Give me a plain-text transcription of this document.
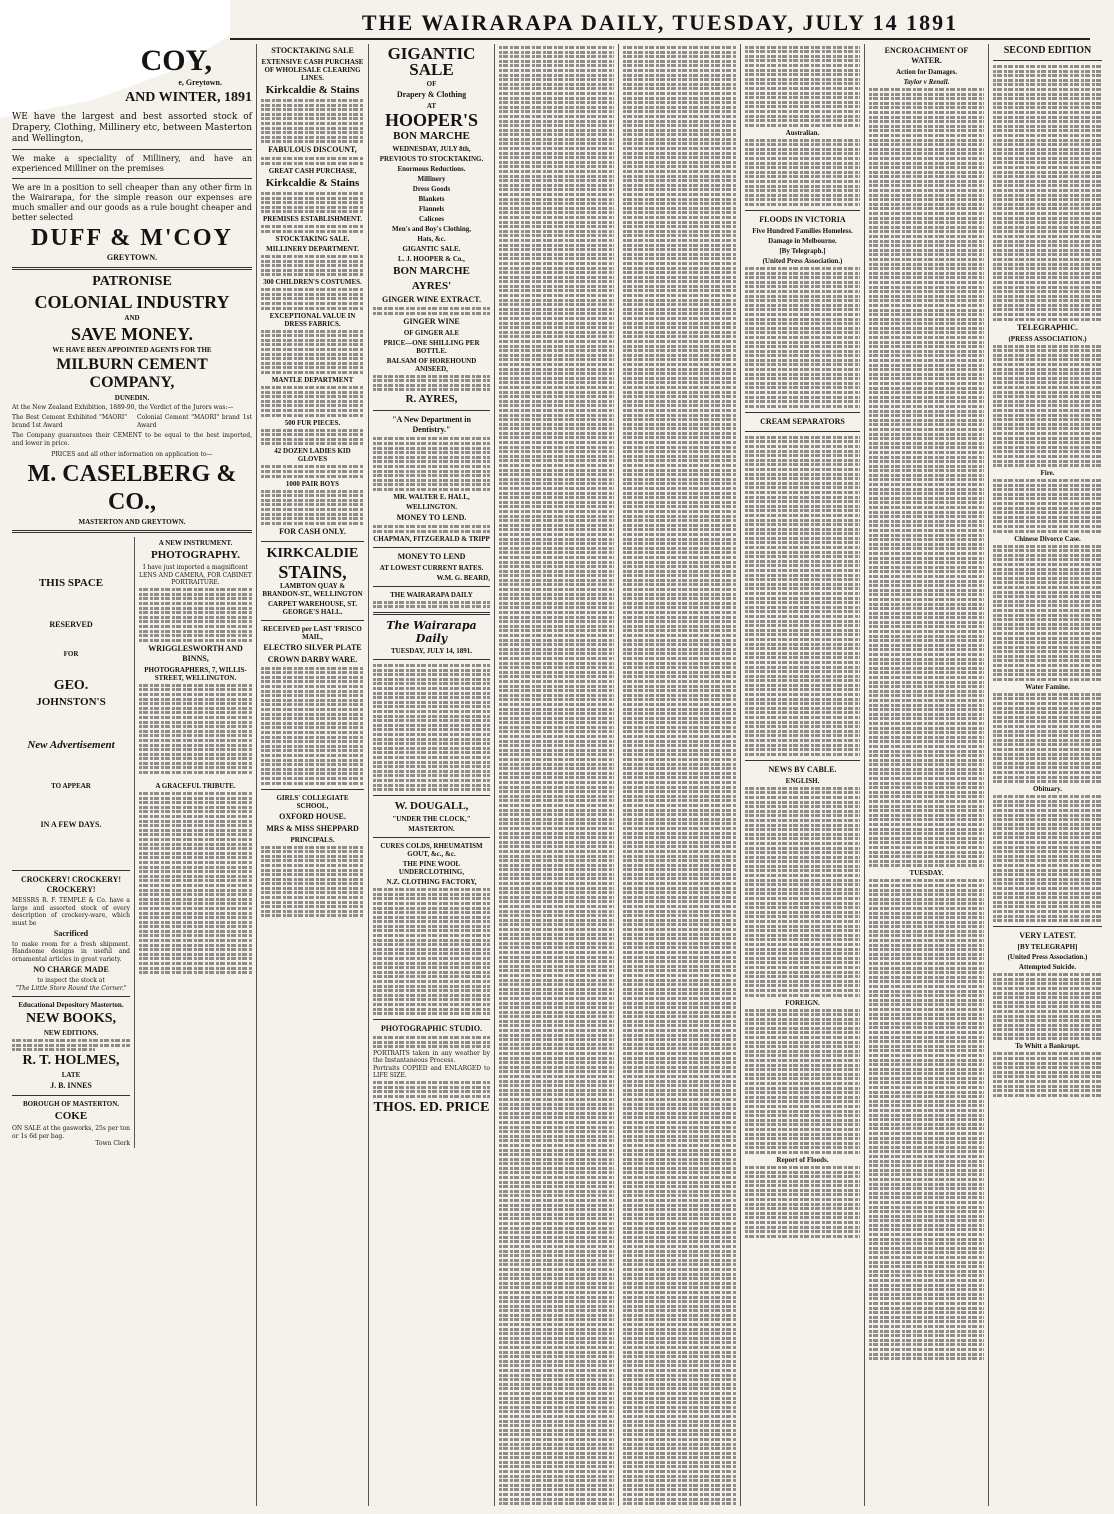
THE WAIRARAPA DAILY, TUESDAY, JULY 14 1891
COY,
e, Greytown.
AND WINTER, 1891
WE have the largest and best assorted stock of Drapery, Clothing, Millinery etc, between Masterton and Wellington,
We make a speciality of Millinery, and have an experienced Milliner on the premises
We are in a position to sell cheaper than any other firm in the Wairarapa, for the simple reason our expenses are much smaller and our goods as a rule bought cheaper and better selected
DUFF & M'COY
GREYTOWN.
PATRONISE
COLONIAL INDUSTRY
AND
SAVE MONEY.
WE HAVE BEEN APPOINTED AGENTS FOR THE
MILBURN CEMENT COMPANY,
DUNEDIN.
At the New Zealand Exhibition, 1889-90, the Verdict of the Jurors was:—
The Best Cement Exhibited "MAORI" brand 1st Award
Colonial Cement "MAORI" brand 1st Award
The Company guarantees their CEMENT to be equal to the best imported, and lower in price.
PRICES and all other information on application to—
M. CASELBERG & CO.,
MASTERTON AND GREYTOWN.
THIS SPACE
RESERVED
FOR
GEO.
JOHNSTON'S
New Advertisement
TO APPEAR
IN A FEW DAYS.
CROCKERY! CROCKERY! CROCKERY!
MESSRS R. F. TEMPLE & Co. have a large and assorted stock of every description of crockery-ware, which must be
Sacrificed
to make room for a fresh shipment. Handsome designs in useful and ornamental articles in great variety.
NO CHARGE MADE
to inspect the stock at
"The Little Store Round the Corner."
Educational Depository Masterton.
NEW BOOKS,
NEW EDITIONS.
R. T. HOLMES,
LATE
J. B. INNES
BOROUGH OF MASTERTON.
COKE
ON SALE at the gasworks, 25s per ton or 1s 6d per bag.
Town Clerk
A NEW INSTRUMENT.
PHOTOGRAPHY.
I have just imported a magnificent LENS AND CAMERA, FOR CABINET PORTRAITURE.
WRIGGLESWORTH AND BINNS,
PHOTOGRAPHERS, 7, WILLIS-STREET, WELLINGTON.
A GRACEFUL TRIBUTE.
STOCKTAKING SALE
EXTENSIVE CASH PURCHASE OF WHOLESALE CLEARING LINES.
Kirkcaldie & Stains
FABULOUS DISCOUNT,
GREAT CASH PURCHASE,
Kirkcaldie & Stains
PREMISES ESTABLISHMENT.
STOCKTAKING SALE.
MILLINERY DEPARTMENT.
300 CHILDREN'S COSTUMES.
EXCEPTIONAL VALUE IN DRESS FABRICS.
MANTLE DEPARTMENT
500 FUR PIECES.
42 DOZEN LADIES KID GLOVES
1000 PAIR BOYS
FOR CASH ONLY.
KIRKCALDIE
STAINS,
LAMBTON QUAY & BRANDON-ST., WELLINGTON
CARPET WAREHOUSE, ST. GEORGE'S HALL.
RECEIVED per LAST 'FRISCO MAIL,
ELECTRO SILVER PLATE
CROWN DARBY WARE.
GIRLS' COLLEGIATE SCHOOL,
OXFORD HOUSE.
MRS & MISS SHEPPARD
PRINCIPALS.
GIGANTIC SALE
OF
Drapery & Clothing
AT
HOOPER'S
BON MARCHE
WEDNESDAY, JULY 8th,
PREVIOUS TO STOCKTAKING.
Enormous Reductions.
Millinery
Dress Goods
Blankets
Flannels
Calicoes
Men's and Boy's Clothing,
Hats, &c.
GIGANTIC SALE.
L. J. HOOPER & Co.,
BON MARCHE
AYRES'
GINGER WINE EXTRACT.
GINGER WINE
OF GINGER ALE
PRICE—ONE SHILLING PER BOTTLE.
BALSAM OF HOREHOUND ANISEED,
R. AYRES,
"A New Department in Dentistry."
MR. WALTER E. HALL,
WELLINGTON.
MONEY TO LEND.
CHAPMAN, FITZGERALD & TRIPP
MONEY TO LEND
AT LOWEST CURRENT RATES.
W.M. G. BEARD,
THE WAIRARAPA DAILY
The Wairarapa Daily
TUESDAY, JULY 14, 1891.
W. DOUGALL,
"UNDER THE CLOCK,"
MASTERTON.
CURES COLDS, RHEUMATISM GOUT, &c., &c.
THE PINE WOOL UNDERCLOTHING,
N.Z. CLOTHING FACTORY,
PHOTOGRAPHIC STUDIO.
PORTRAITS taken in any weather by the Instantaneous Process.
Portraits COPIED and ENLARGED to LIFE SIZE.
THOS. ED. PRICE
Australian.
FLOODS IN VICTORIA
Five Hundred Families Homeless.
Damage in Melbourne.
[By Telegraph.]
(United Press Association.)
CREAM SEPARATORS
NEWS BY CABLE.
ENGLISH.
FOREIGN.
Report of Floods.
ENCROACHMENT OF WATER.
Action for Damages.
Taylor v Renall.
TUESDAY.
SECOND EDITION
TELEGRAPHIC.
(PRESS ASSOCIATION.)
Fire.
Chinese Divorce Case.
Water Famine.
Obituary.
VERY LATEST.
[BY TELEGRAPH]
(United Press Association.)
Attempted Suicide.
To Whitt a Bankrupt.
